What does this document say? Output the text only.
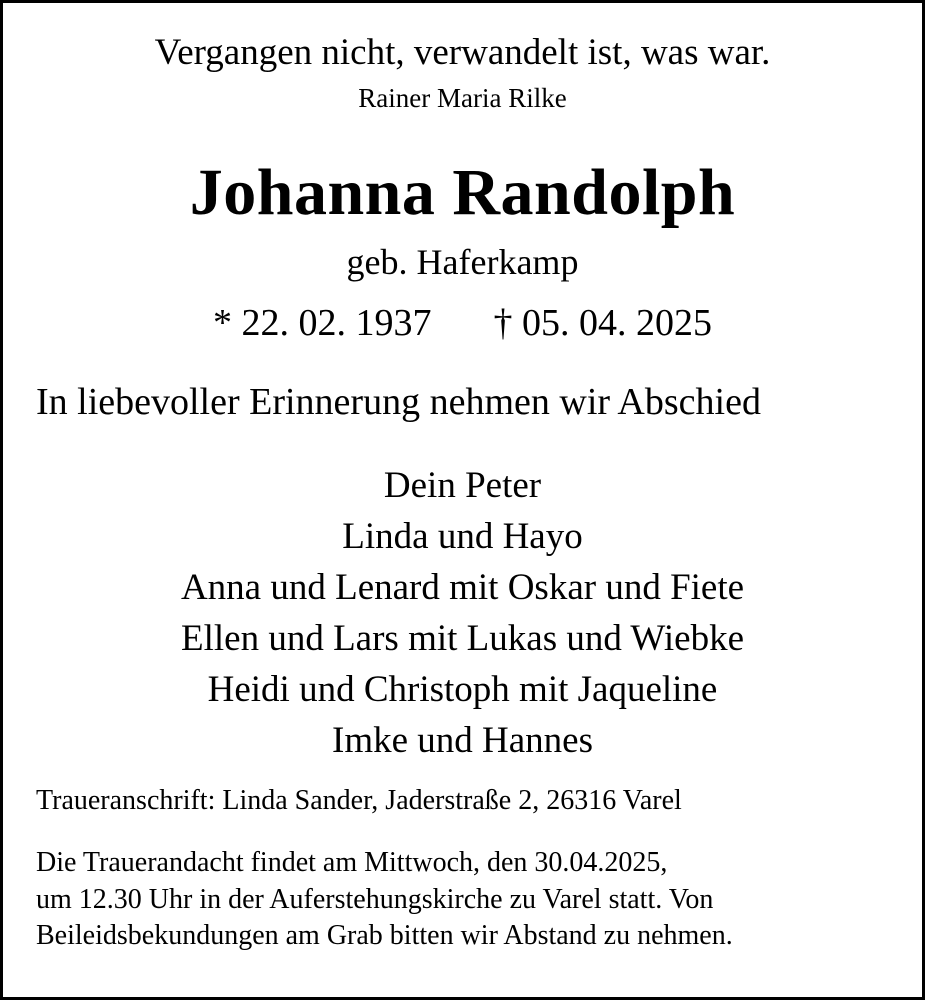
Vergangen nicht, verwandelt ist, was war.
Rainer Maria Rilke
Johanna Randolph
geb. Haferkamp
* 22. 02. 1937 † 05. 04. 2025
In liebevoller Erinnerung nehmen wir Abschied
Dein Peter
Linda und Hayo
Anna und Lenard mit Oskar und Fiete
Ellen und Lars mit Lukas und Wiebke
Heidi und Christoph mit Jaqueline
Imke und Hannes
Traueranschrift: Linda Sander, Jaderstraße 2, 26316 Varel
Die Trauerandacht findet am Mittwoch, den 30.04.2025,
um 12.30 Uhr in der Auferstehungskirche zu Varel statt. Von
Beileidsbekundungen am Grab bitten wir Abstand zu nehmen.
